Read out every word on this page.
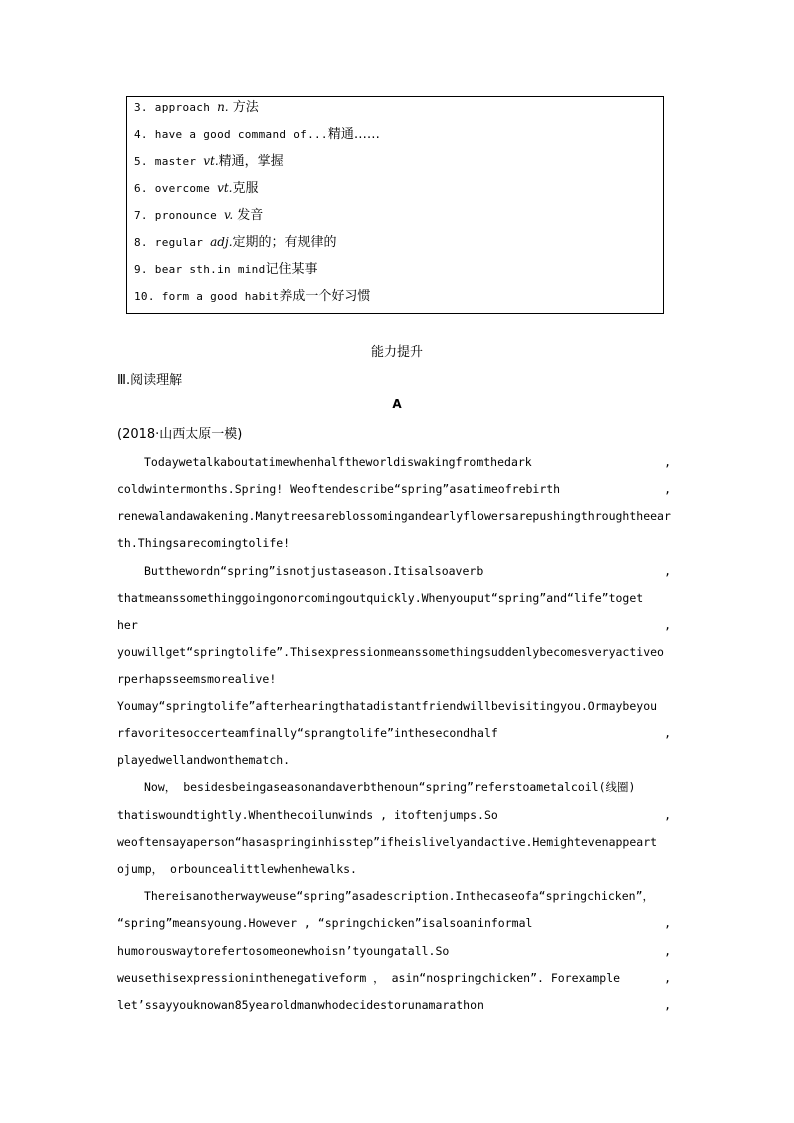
3. approach n. 方法
4. have a good command of...精通……
5. master vt.精通，掌握
6. overcome vt.克服
7. pronounce v. 发音
8. regular adj.定期的；有规律的
9. bear sth.in mind记住某事
10. form a good habit养成一个好习惯
能力提升
Ⅲ.阅读理解
A
(2018·山西太原一模)
Todaywetalkaboutatimewhenhalftheworldiswakingfromthedark	,
coldwintermonths.Spring! Weoftendescribe“spring”asatimeofrebirth	,
renewalandawakening.Manytreesareblossomingandearlyflowersarepushingthroughtheear
th.Thingsarecomingtolife!
Butthewordn“spring”isnotjustaseason.Itisalsoaverb	,
thatmeanssomethinggoingonorcomingoutquickly.Whenyouput“spring”and“life”toget
her	,
youwillget“springtolife”.Thisexpressionmeanssomethingsuddenlybecomesveryactiveo
rperhapsseemsmorealive!
Youmay“springtolife”afterhearingthatadistantfriendwillbevisitingyou.Ormaybeyou
rfavoritesoccerteamfinally“sprangtolife”inthesecondhalf	,
playedwellandwonthematch.
Now， besidesbeingaseasonandaverbthenoun“spring”referstoametalcoil(线圈)
thatiswoundtightly.Whenthecoilunwinds , itoftenjumps.So	,
weoftensayaperson“hasaspringinhisstep”ifheislivelyandactive.Hemightevenappeart
ojump， orbouncealittlewhenhewalks.
Thereisanotherwayweuse“spring”asadescription.Inthecaseofa“springchicken”，
“spring”meansyoung.However , “springchicken”isalsoaninformal	,
humorouswaytorefertosomeonewhoisn’tyoungatall.So	,
weusethisexpressioninthenegativeform ， asin“nospringchicken”. Forexample	,
let’ssayyouknowan85yearoldmanwhodecidestorunamarathon	,
